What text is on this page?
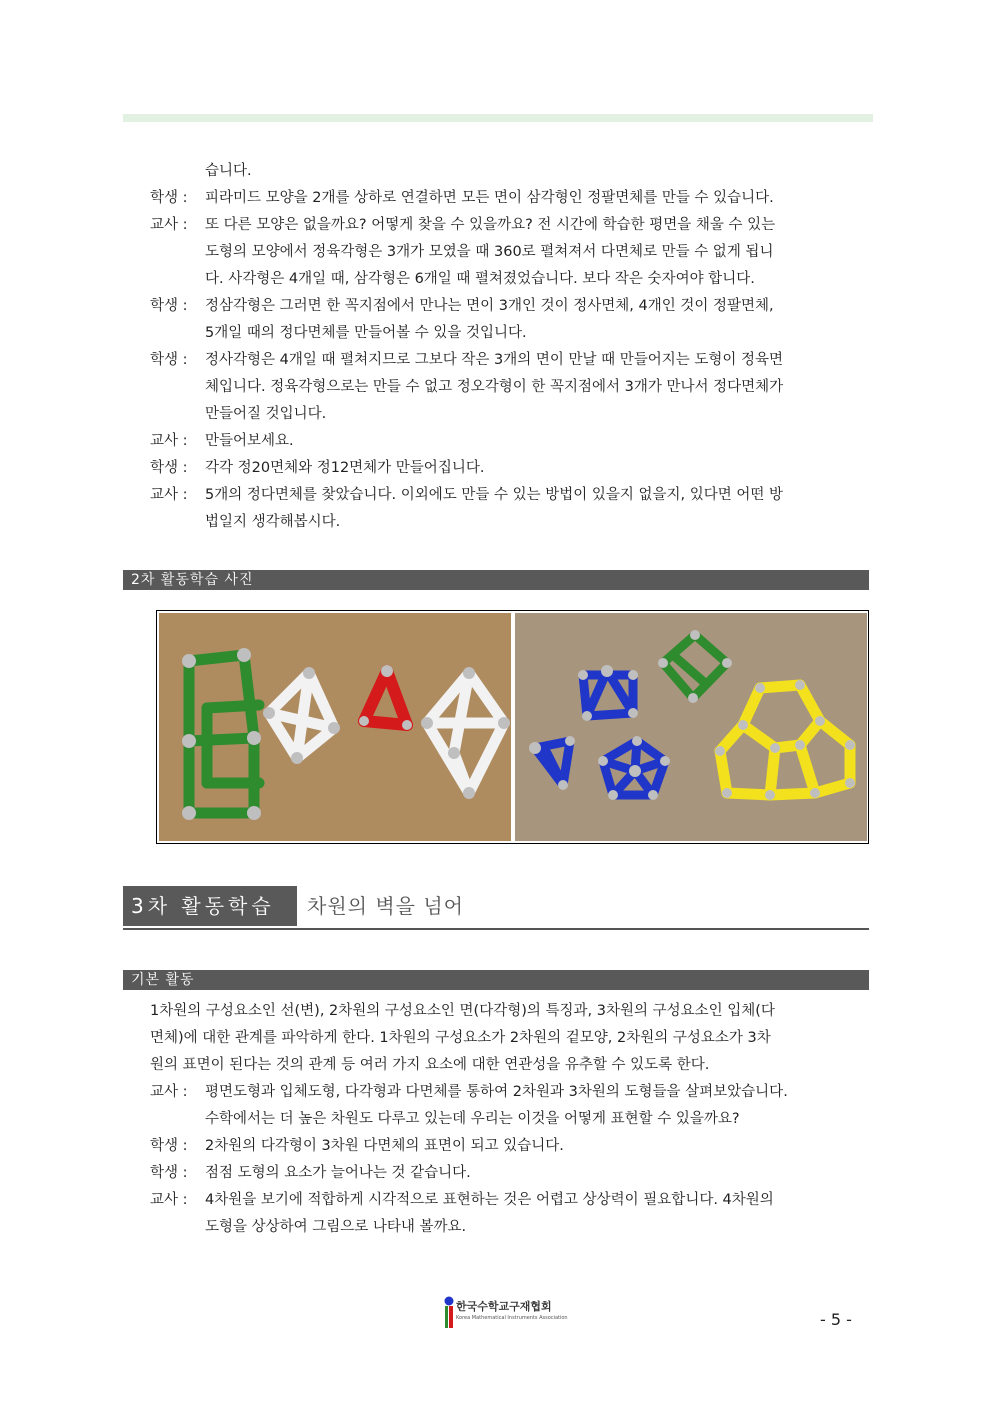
습니다.
학생 :	피라미드 모양을 2개를 상하로 연결하면 모든 면이 삼각형인 정팔면체를 만들 수 있습니다.
교사 :	또 다른 모양은 없을까요? 어떻게 찾을 수 있을까요? 전 시간에 학습한 평면을 채울 수 있는
도형의 모양에서 정육각형은 3개가 모였을 때 360로 펼쳐져서 다면체로 만들 수 없게 됩니
다. 사각형은 4개일 때, 삼각형은 6개일 때 펼쳐졌었습니다. 보다 작은 숫자여야 합니다.
학생 :	정삼각형은 그러면 한 꼭지점에서 만나는 면이 3개인 것이 정사면체, 4개인 것이 정팔면체,
5개일 때의 정다면체를 만들어볼 수 있을 것입니다.
학생 :	정사각형은 4개일 때 펼쳐지므로 그보다 작은 3개의 면이 만날 때 만들어지는 도형이 정육면
체입니다. 정육각형으로는 만들 수 없고 정오각형이 한 꼭지점에서 3개가 만나서 정다면체가
만들어질 것입니다.
교사 :	만들어보세요.
학생 :	각각 정20면체와 정12면체가 만들어집니다.
교사 :	5개의 정다면체를 찾았습니다. 이외에도 만들 수 있는 방법이 있을지 없을지, 있다면 어떤 방
법일지 생각해봅시다.
2차 활동학습 사진
3차 활동학습	차원의 벽을 넘어
기본 활동
1차원의 구성요소인 선(변), 2차원의 구성요소인 면(다각형)의 특징과, 3차원의 구성요소인 입체(다
면체)에 대한 관계를 파악하게 한다. 1차원의 구성요소가 2차원의 겉모양, 2차원의 구성요소가 3차
원의 표면이 된다는 것의 관계 등 여러 가지 요소에 대한 연관성을 유추할 수 있도록 한다.
교사 :	평면도형과 입체도형, 다각형과 다면체를 통하여 2차원과 3차원의 도형들을 살펴보았습니다.
수학에서는 더 높은 차원도 다루고 있는데 우리는 이것을 어떻게 표현할 수 있을까요?
학생 :	2차원의 다각형이 3차원 다면체의 표면이 되고 있습니다.
학생 :	점점 도형의 요소가 늘어나는 것 같습니다.
교사 :	4차원을 보기에 적합하게 시각적으로 표현하는 것은 어렵고 상상력이 필요합니다. 4차원의
도형을 상상하여 그림으로 나타내 볼까요.
한국수학교구재협회
Korea Mathematical Instruments Association	- 5 -
